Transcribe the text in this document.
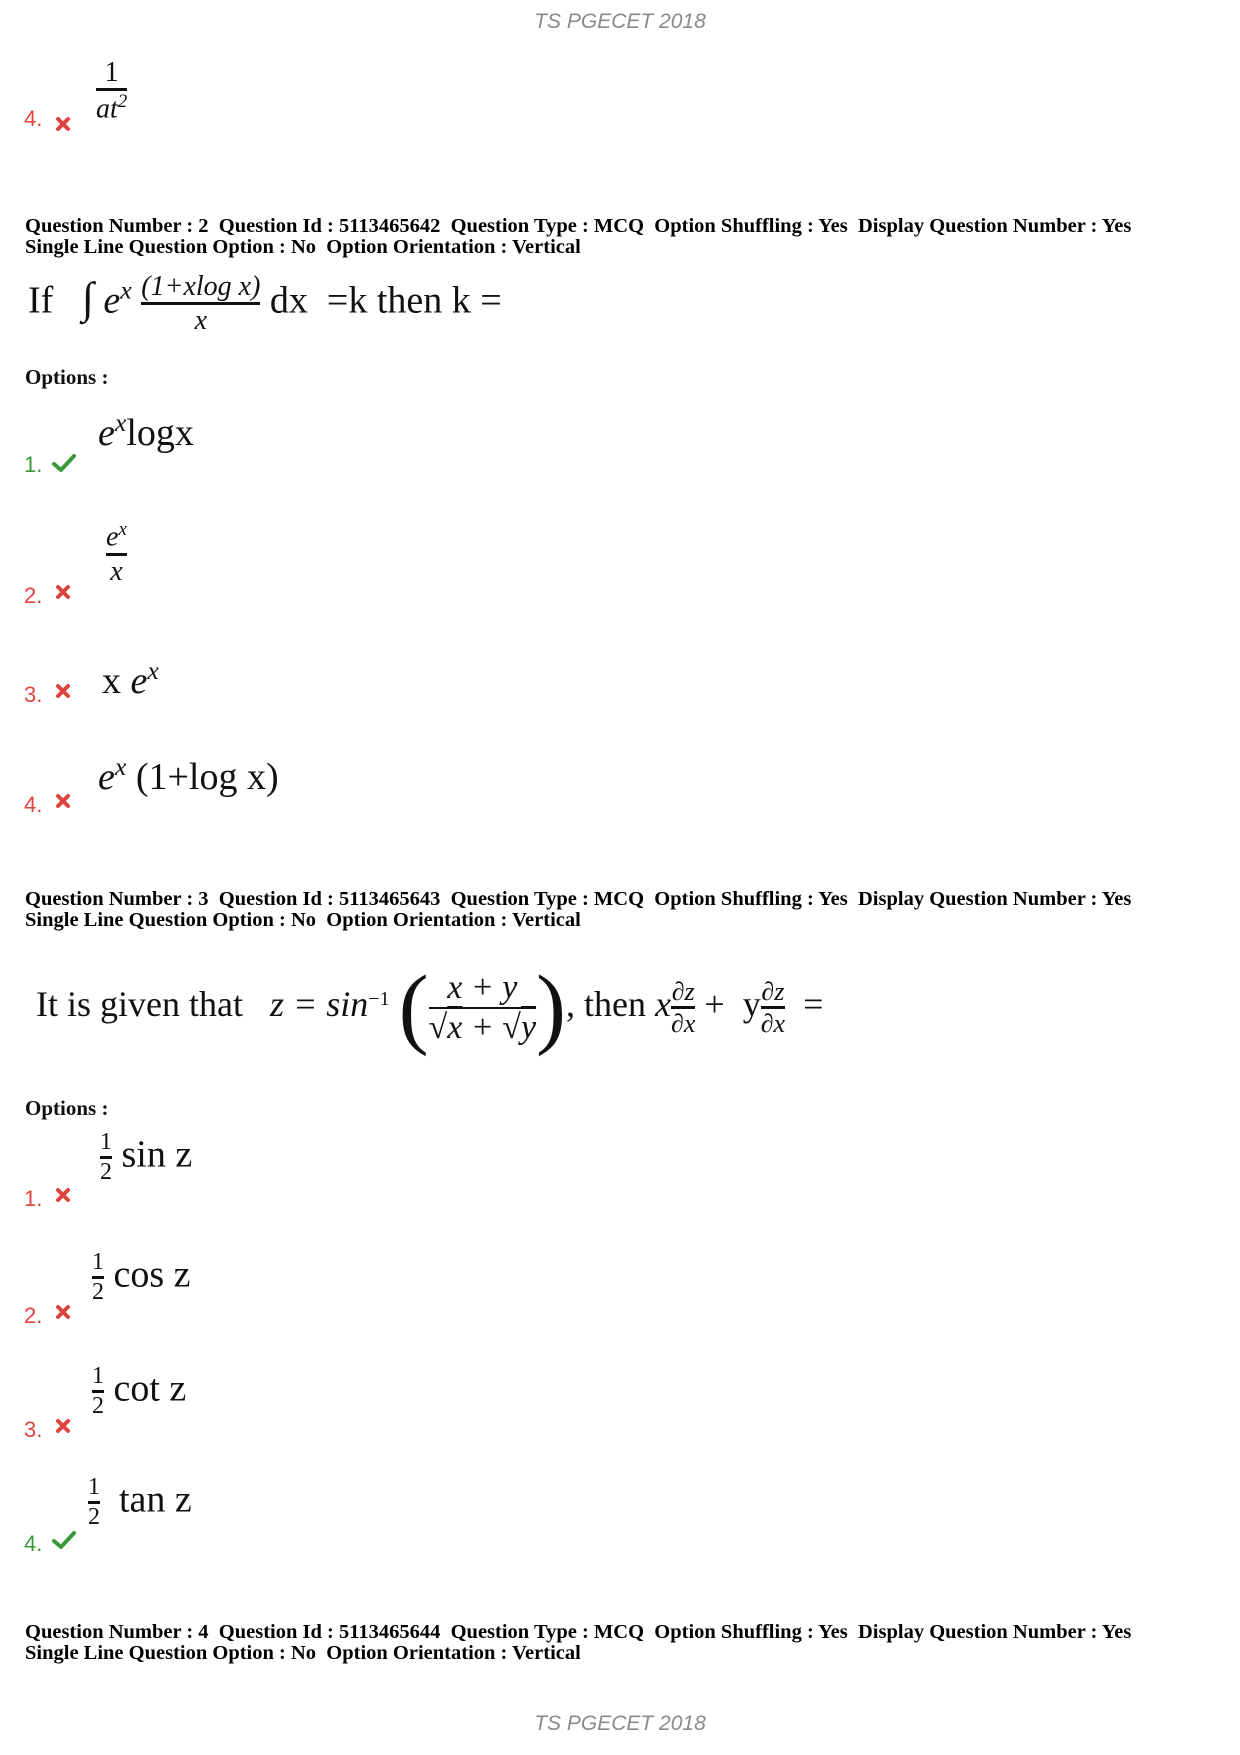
TS PGECET 2018
4. $\frac{1}{at^2}$
Question Number : 2  Question Id : 5113465642  Question Type : MCQ  Option Shuffling : Yes  Display Question Number : Yes
Single Line Question Option : No  Option Orientation : Vertical
If ∫ $e^x \frac{\text{(1+xlog x)}}{x}$ dx =k then k =
Options :
1.
$e^x\log x$
2.
$\frac{e^x}{x}$
3. x $e^x$
4.
$e^x$ (1+log x)
Question Number : 3  Question Id : 5113465643  Question Type : MCQ  Option Shuffling : Yes  Display Question Number : Yes
Single Line Question Option : No  Option Orientation : Vertical
It is given that $z = \sin^{-1}$ ( $\frac{x + y}{√x + √y}$ ), then x $\frac{\partial z}{\partial x} + y \frac{\partial z}{\partial x}$ =
Options :
1.
$\frac{1}{2}$ sin z
2.
$\frac{1}{2}$ cos z
3.
$\frac{1}{2}$ cot z
4.
$\frac{1}{2}$ tan z
Question Number : 4  Question Id : 5113465644  Question Type : MCQ  Option Shuffling : Yes  Display Question Number : Yes
Single Line Question Option : No  Option Orientation : Vertical
TS PGECET 2018
